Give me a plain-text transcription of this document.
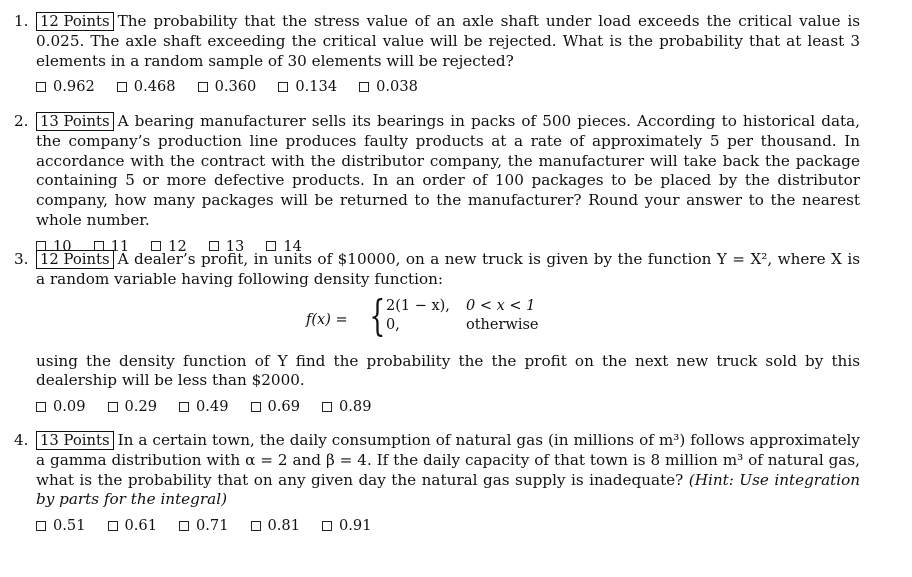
1. 12 Points The probability that the stress value of an axle shaft under load exceeds the critical value is 0.025. The axle shaft exceeding the critical value will be rejected. What is the probability that at least 3 elements in a random sample of 30 elements will be rejected?
0.962	0.468	0.360	0.134	0.038
2. 13 Points A bearing manufacturer sells its bearings in packs of 500 pieces. According to historical data, the company’s production line produces faulty products at a rate of approximately 5 per thousand. In accordance with the contract with the distributor company, the manufacturer will take back the package containing 5 or more defective products. In an order of 100 packages to be placed by the distributor company, how many packages will be returned to the manufacturer? Round your answer to the nearest whole number.
10	11	12	13	14
3. 12 Points A dealer’s profit, in units of $10000, on a new truck is given by the function Y = X², where X is a random variable having following density function:
f(x) = { 2(1 − x), 0 < x < 1
0,	otherwise
using the density function of Y find the probability the the profit on the next new truck sold by this dealership will be less than $2000.
0.09	0.29	0.49	0.69	0.89
4. 13 Points In a certain town, the daily consumption of natural gas (in millions of m³) follows approximately a gamma distribution with α = 2 and β = 4. If the daily capacity of that town is 8 million m³ of natural gas, what is the probability that on any given day the natural gas supply is inadequate? (Hint: Use integration by parts for the integral)
0.51	0.61	0.71	0.81	0.91
